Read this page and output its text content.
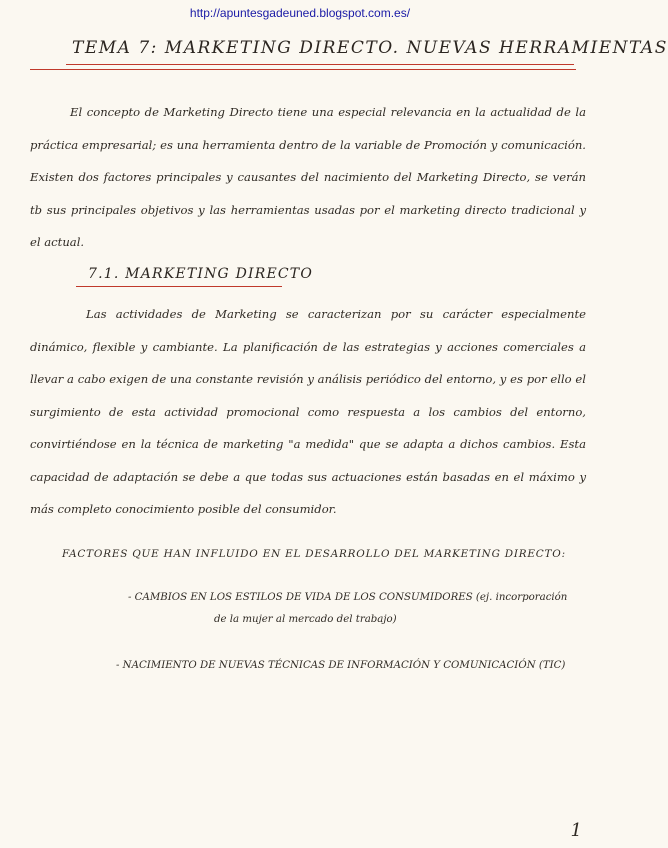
http://apuntesgadeuned.blogspot.com.es/
TEMA 7: MARKETING DIRECTO. NUEVAS HERRAMIENTAS

El concepto de Marketing Directo tiene una especial relevancia en la actualidad de la práctica empresarial; es una herramienta dentro de la variable de Promoción y comunicación. Existen dos factores principales y causantes del nacimiento del Marketing Directo, se verán tb sus principales objetivos y las herramientas usadas por el marketing directo tradicional y el actual.

7.1. MARKETING DIRECTO

Las actividades de Marketing se caracterizan por su carácter especialmente dinámico, flexible y cambiante. La planificación de las estrategias y acciones comerciales a llevar a cabo exigen de una constante revisión y análisis periódico del entorno, y es por ello el surgimiento de esta actividad promocional como respuesta a los cambios del entorno, convirtiéndose en la técnica de marketing "a medida" que se adapta a dichos cambios. Esta capacidad de adaptación se debe a que todas sus actuaciones están basadas en el máximo y más completo conocimiento posible del consumidor.

FACTORES QUE HAN INFLUIDO EN EL DESARROLLO DEL MARKETING DIRECTO:

- CAMBIOS EN LOS ESTILOS DE VIDA DE LOS CONSUMIDORES (ej. incorporación

de la mujer al mercado del trabajo)

- NACIMIENTO DE NUEVAS TÉCNICAS DE INFORMACIÓN Y COMUNICACIÓN (TIC)

1
